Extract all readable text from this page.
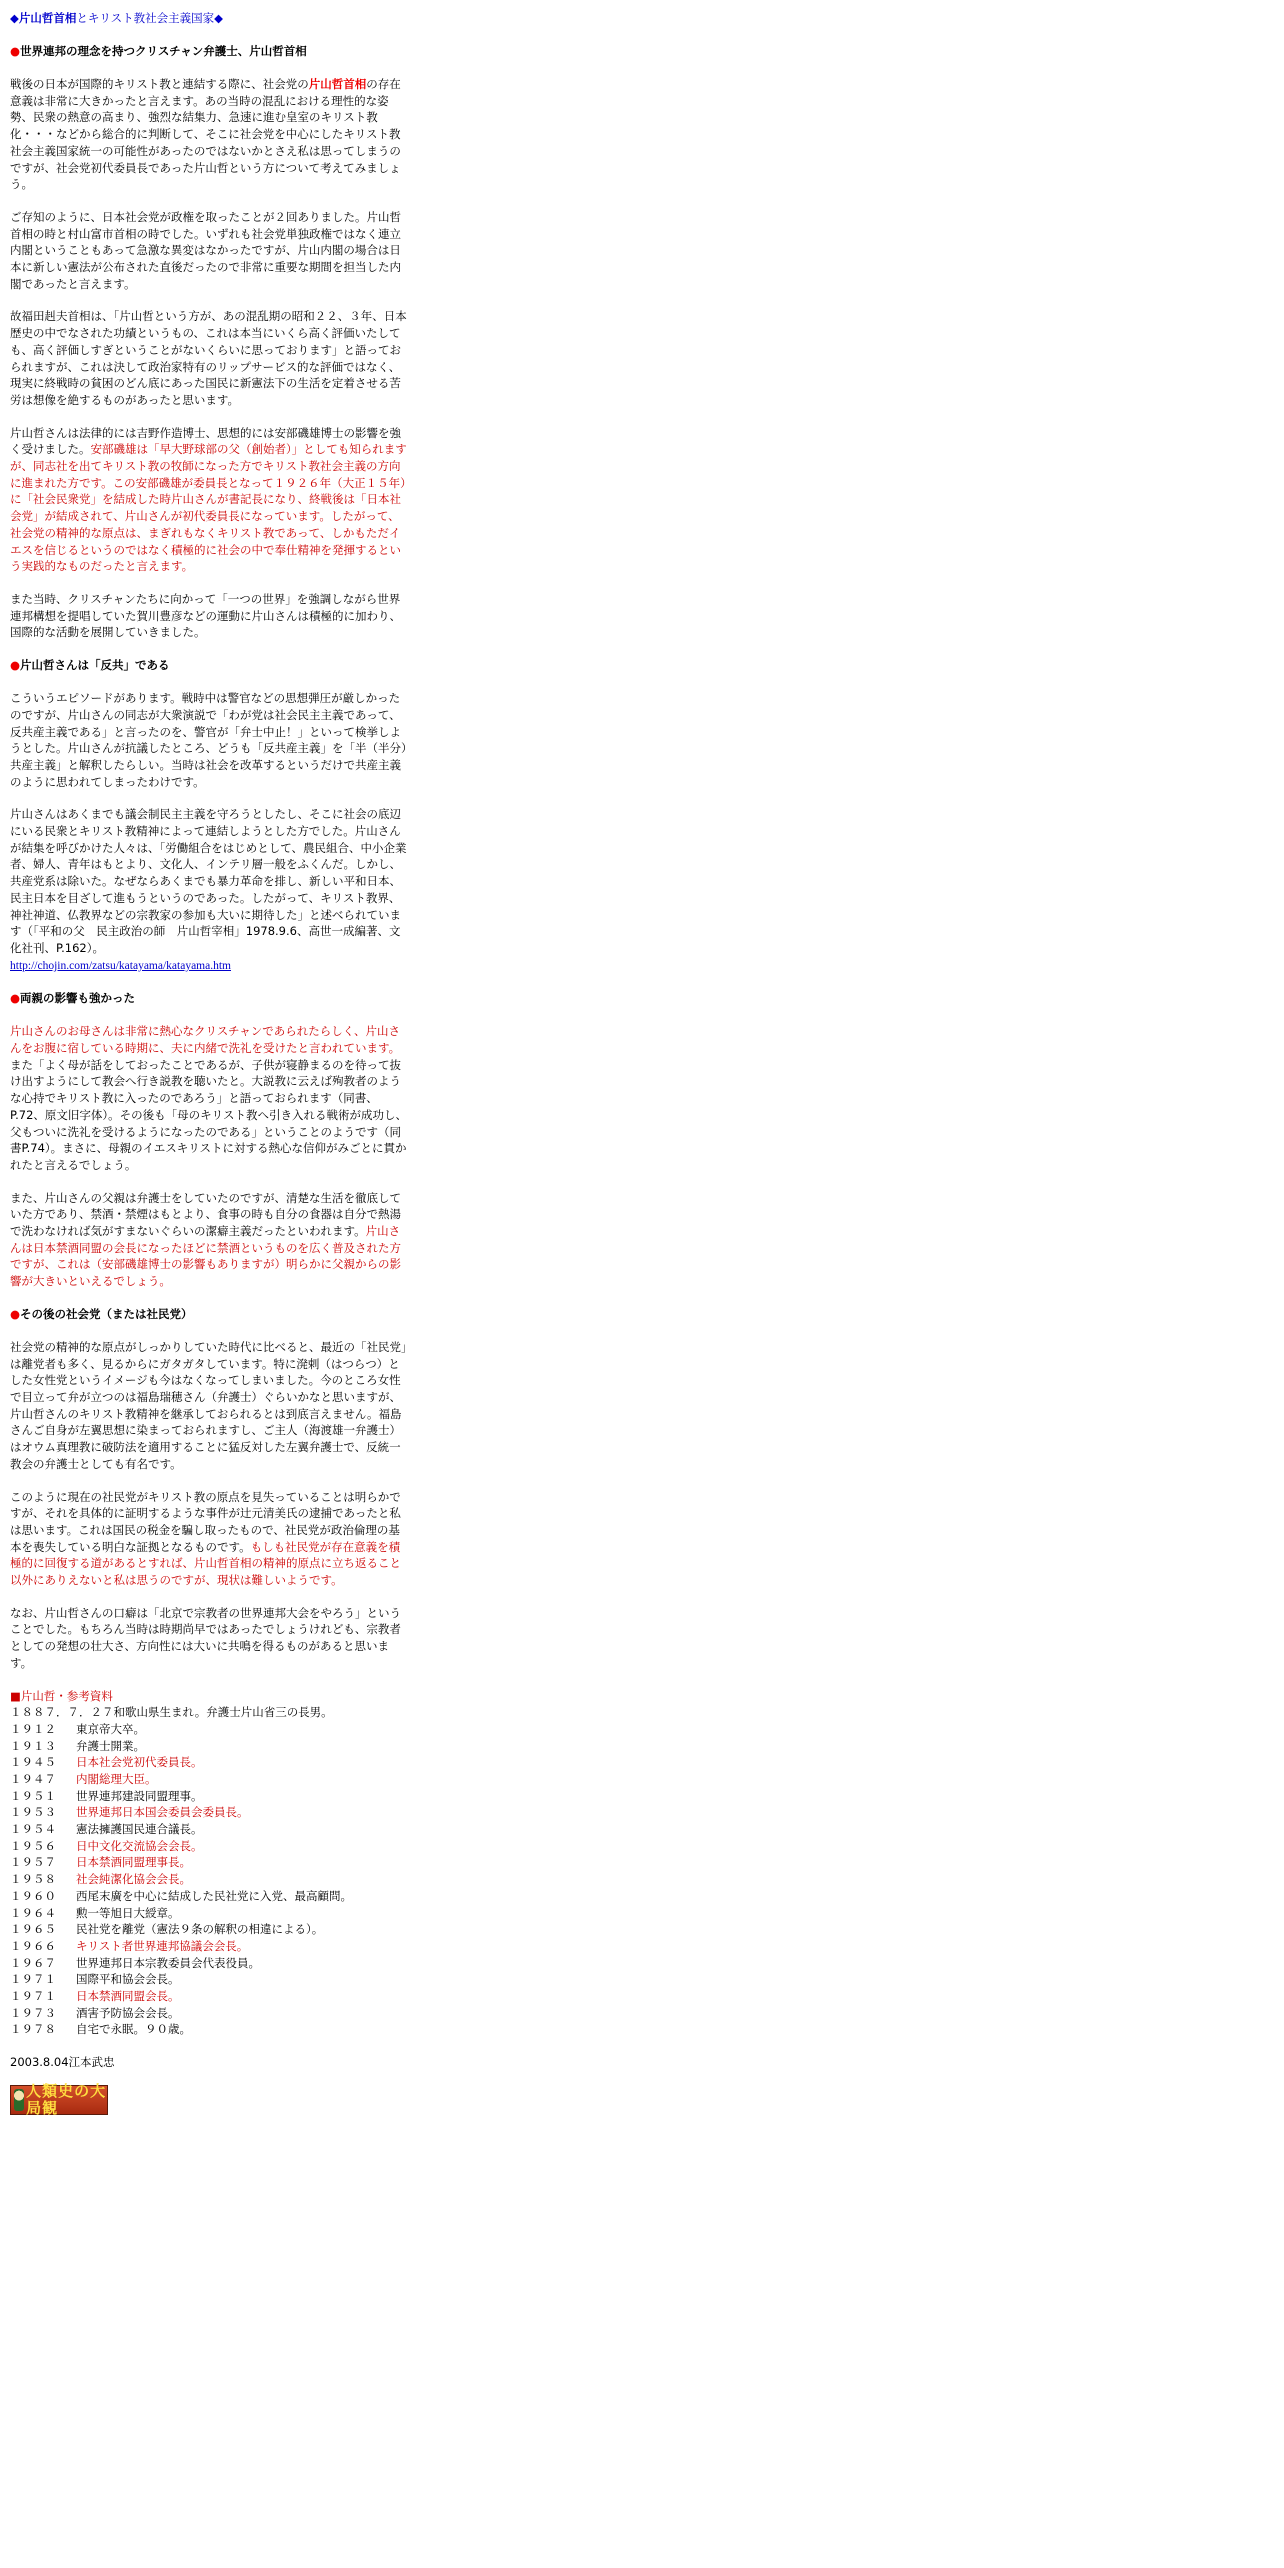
◆片山哲首相とキリスト教社会主義国家◆
●世界連邦の理念を持つクリスチャン弁護士、片山哲首相

戦後の日本が国際的キリスト教と連結する際に、社会党の片山哲首相の存在意義は非常に大きかったと言えます。あの当時の混乱における理性的な姿勢、民衆の熱意の高まり、強烈な結集力、急速に進む皇室のキリスト教化・・・などから総合的に判断して、そこに社会党を中心にしたキリスト教社会主義国家統一の可能性があったのではないかとさえ私は思ってしまうのですが、社会党初代委員長であった片山哲という方について考えてみましょう。

ご存知のように、日本社会党が政権を取ったことが２回ありました。片山哲首相の時と村山富市首相の時でした。いずれも社会党単独政権ではなく連立内閣ということもあって急激な異変はなかったですが、片山内閣の場合は日本に新しい憲法が公布された直後だったので非常に重要な期間を担当した内閣であったと言えます。

故福田赳夫首相は、「片山哲という方が、あの混乱期の昭和２２、３年、日本歴史の中でなされた功績というもの、これは本当にいくら高く評価いたしても、高く評価しすぎということがないくらいに思っております」と語っておられますが、これは決して政治家特有のリップサービス的な評価ではなく、現実に終戦時の貧困のどん底にあった国民に新憲法下の生活を定着させる苦労は想像を絶するものがあったと思います。

片山哲さんは法律的には吉野作造博士、思想的には安部磯雄博士の影響を強く受けました。安部磯雄は「早大野球部の父（創始者）」としても知られますが、同志社を出てキリスト教の牧師になった方でキリスト教社会主義の方向に進まれた方です。この安部磯雄が委員長となって１９２６年（大正１５年）に「社会民衆党」を結成した時片山さんが書記長になり、終戦後は「日本社会党」が結成されて、片山さんが初代委員長になっています。したがって、社会党の精神的な原点は、まぎれもなくキリスト教であって、しかもただイエスを信じるというのではなく積極的に社会の中で奉仕精神を発揮するという実践的なものだったと言えます。

また当時、クリスチャンたちに向かって「一つの世界」を強調しながら世界連邦構想を提唱していた賀川豊彦などの運動に片山さんは積極的に加わり、国際的な活動を展開していきました。

●片山哲さんは「反共」である

こういうエピソードがあります。戦時中は警官などの思想弾圧が厳しかったのですが、片山さんの同志が大衆演説で「わが党は社会民主主義であって、反共産主義である」と言ったのを、警官が「弁士中止！」といって検挙しようとした。片山さんが抗議したところ、どうも「反共産主義」を「半（半分）共産主義」と解釈したらしい。当時は社会を改革するというだけで共産主義のように思われてしまったわけです。

片山さんはあくまでも議会制民主主義を守ろうとしたし、そこに社会の底辺にいる民衆とキリスト教精神によって連結しようとした方でした。片山さんが結集を呼びかけた人々は、「労働組合をはじめとして、農民組合、中小企業者、婦人、青年はもとより、文化人、インテリ層一般をふくんだ。しかし、共産党系は除いた。なぜならあくまでも暴力革命を排し、新しい平和日本、民主日本を目ざして進もうというのであった。したがって、キリスト教界、神社神道、仏教界などの宗教家の参加も大いに期待した」と述べられています（「平和の父　民主政治の師　片山哲宰相」1978.9.6、高世一成編著、文化社刊、P.162）。
http://chojin.com/zatsu/katayama/katayama.htm

●両親の影響も強かった

片山さんのお母さんは非常に熱心なクリスチャンであられたらしく、片山さんをお腹に宿している時期に、夫に内緒で洗礼を受けたと言われています。また「よく母が話をしておったことであるが、子供が寝静まるのを待って抜け出すようにして教会へ行き説教を聴いたと。大説教に云えば殉教者のような心持でキリスト教に入ったのであろう」と語っておられます（同書、P.72、原文旧字体）。その後も「母のキリスト教へ引き入れる戦術が成功し、父もついに洗礼を受けるようになったのである」ということのようです（同書P.74）。まさに、母親のイエスキリストに対する熱心な信仰がみごとに貫かれたと言えるでしょう。

また、片山さんの父親は弁護士をしていたのですが、清楚な生活を徹底していた方であり、禁酒・禁煙はもとより、食事の時も自分の食器は自分で熱湯で洗わなければ気がすまないぐらいの潔癖主義だったといわれます。片山さんは日本禁酒同盟の会長になったほどに禁酒というものを広く普及された方ですが、これは（安部磯雄博士の影響もありますが）明らかに父親からの影響が大きいといえるでしょう。

●その後の社会党（または社民党）

社会党の精神的な原点がしっかりしていた時代に比べると、最近の「社民党」は離党者も多く、見るからにガタガタしています。特に溌剌（はつらつ）とした女性党というイメージも今はなくなってしまいました。今のところ女性で目立って弁が立つのは福島瑞穂さん（弁護士）ぐらいかなと思いますが、片山哲さんのキリスト教精神を継承しておられるとは到底言えません。福島さんご自身が左翼思想に染まっておられますし、ご主人（海渡雄一弁護士）はオウム真理教に破防法を適用することに猛反対した左翼弁護士で、反統一教会の弁護士としても有名です。

このように現在の社民党がキリスト教の原点を見失っていることは明らかですが、それを具体的に証明するような事件が辻元清美氏の逮捕であったと私は思います。これは国民の税金を騙し取ったもので、社民党が政治倫理の基本を喪失している明白な証拠となるものです。もしも社民党が存在意義を積極的に回復する道があるとすれば、片山哲首相の精神的原点に立ち返ること以外にありえないと私は思うのですが、現状は難しいようです。

なお、片山哲さんの口癖は「北京で宗教者の世界連邦大会をやろう」ということでした。もちろん当時は時期尚早ではあったでしょうけれども、宗教者としての発想の壮大さ、方向性には大いに共鳴を得るものがあると思います。

■片山哲・参考資料
１８８７ ．７．２７和歌山県生まれ。弁護士片山省三の長男。
１９１２	東京帝大卒。
１９１３	弁護士開業。
１９４５	日本社会党初代委員長。
１９４７	内閣総理大臣。
１９５１	世界連邦建設同盟理事。
１９５３	世界連邦日本国会委員会委員長。
１９５４	憲法擁護国民連合議長。
１９５６	日中文化交流協会会長。
１９５７	日本禁酒同盟理事長。
１９５８	社会純潔化協会会長。
１９６０	西尾末廣を中心に結成した民社党に入党、最高顧問。
１９６４	勲一等旭日大綬章。
１９６５	民社党を離党（憲法９条の解釈の相違による）。
１９６６	キリスト者世界連邦協議会会長。
１９６７	世界連邦日本宗教委員会代表役員。
１９７１	国際平和協会会長。
１９７１	日本禁酒同盟会長。
１９７３	酒害予防協会会長。
１９７８	自宅で永眠。９０歳。
2003.8.04江本武忠
人類史の大局観
